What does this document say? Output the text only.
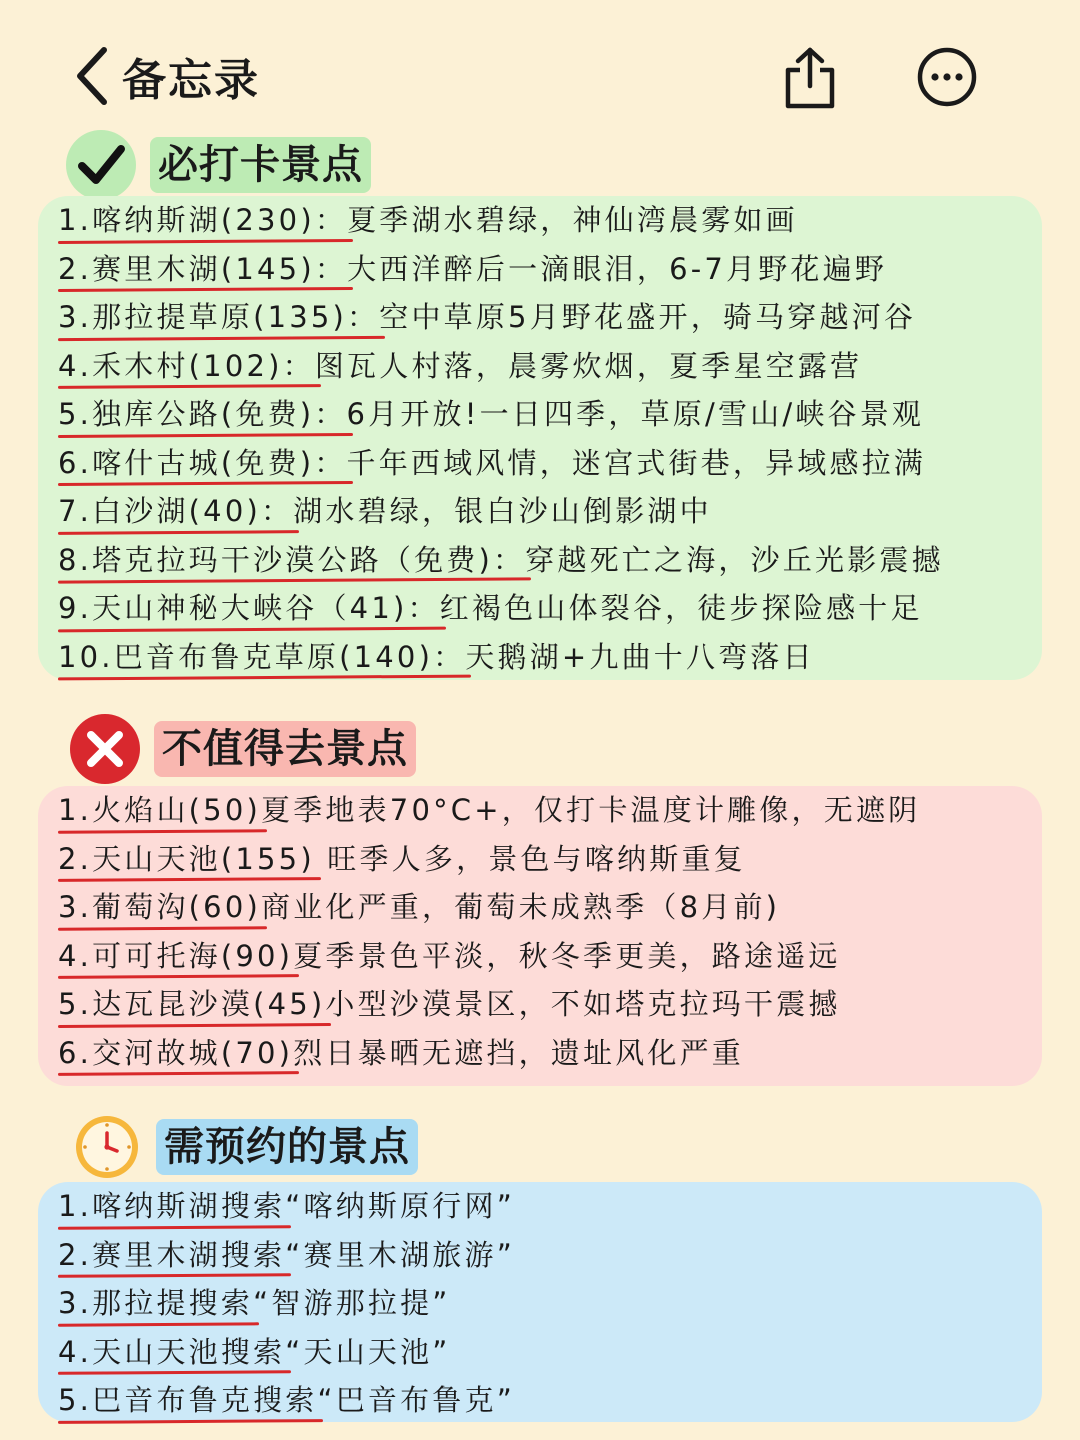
备忘录
必打卡景点
1.喀纳斯湖(230)：夏季湖水碧绿，神仙湾晨雾如画
2.赛里木湖(145)：大西洋醉后一滴眼泪，6-7月野花遍野
3.那拉提草原(135)：空中草原5月野花盛开，骑马穿越河谷
4.禾木村(102)：图瓦人村落，晨雾炊烟，夏季星空露营
5.独库公路(免费)：6月开放!一日四季，草原/雪山/峡谷景观
6.喀什古城(免费)：千年西域风情，迷宫式街巷，异域感拉满
7.白沙湖(40)：湖水碧绿，银白沙山倒影湖中
8.塔克拉玛干沙漠公路（免费)：穿越死亡之海，沙丘光影震撼
9.天山神秘大峡谷（41)：红褐色山体裂谷，徒步探险感十足
10.巴音布鲁克草原(140)：天鹅湖+九曲十八弯落日
不值得去景点
1.火焰山(50)夏季地表70°C+，仅打卡温度计雕像，无遮阴
2.天山天池(155) 旺季人多，景色与喀纳斯重复
3.葡萄沟(60)商业化严重，葡萄未成熟季（8月前)
4.可可托海(90)夏季景色平淡，秋冬季更美，路途遥远
5.达瓦昆沙漠(45)小型沙漠景区，不如塔克拉玛干震撼
6.交河故城(70)烈日暴晒无遮挡，遗址风化严重
需预约的景点
1.喀纳斯湖搜索“喀纳斯原行网”
2.赛里木湖搜索“赛里木湖旅游”
3.那拉提搜索“智游那拉提”
4.天山天池搜索“天山天池”
5.巴音布鲁克搜索“巴音布鲁克”
